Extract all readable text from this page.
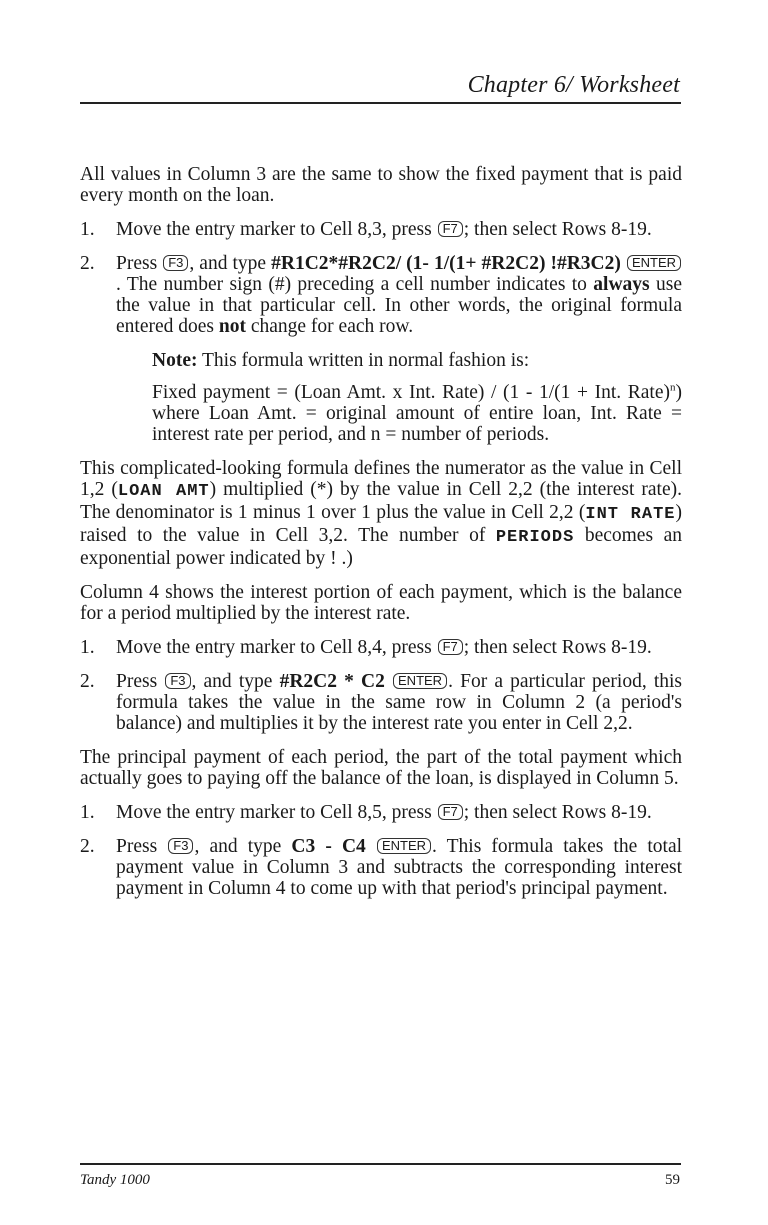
Chapter 6/ Worksheet

All values in Column 3 are the same to show the fixed payment that is paid every month on the loan.

1. Move the entry marker to Cell 8,3, press F7 ; then select Rows 8-19.
2. Press F3 , and type #R1C2*#R2C2/ (1- 1/(1+ #R2C2) !#R3C2) ENTER. The number sign (#) preceding a cell number indicates to always use the value in that particular cell. In other words, the original formula entered does not change for each row.

Note: This formula written in normal fashion is:

Fixed payment = (Loan Amt. x Int. Rate) / (1 - 1/(1 + Int. Rate)$^n$) where Loan Amt. = original amount of entire loan, Int. Rate = interest rate per period, and n = number of periods.

This complicated-looking formula defines the numerator as the value in Cell 1,2 (LOAN AMT) multiplied (*) by the value in Cell 2,2 (the interest rate). The denominator is 1 minus 1 over 1 plus the value in Cell 2,2 (INT RATE) raised to the value in Cell 3,2. The number of PERIODS becomes an exponential power indicated by ! .)

Column 4 shows the interest portion of each payment, which is the balance for a period multiplied by the interest rate.

1. Move the entry marker to Cell 8,4, press F7 ; then select Rows 8-19.
2. Press F3 , and type #R2C2 * C2 ENTER . For a particular period, this formula takes the value in the same row in Column 2 (a period's balance) and multiplies it by the interest rate you enter in Cell 2,2.

The principal payment of each period, the part of the total payment which actually goes to paying off the balance of the loan, is displayed in Column 5.

1. Move the entry marker to Cell 8,5, press F7 ; then select Rows 8-19.
2. Press F3 , and type C3 - C4 ENTER . This formula takes the total payment value in Column 3 and subtracts the corresponding interest payment in Column 4 to come up with that period's principal payment.
Tandy 1000	59
